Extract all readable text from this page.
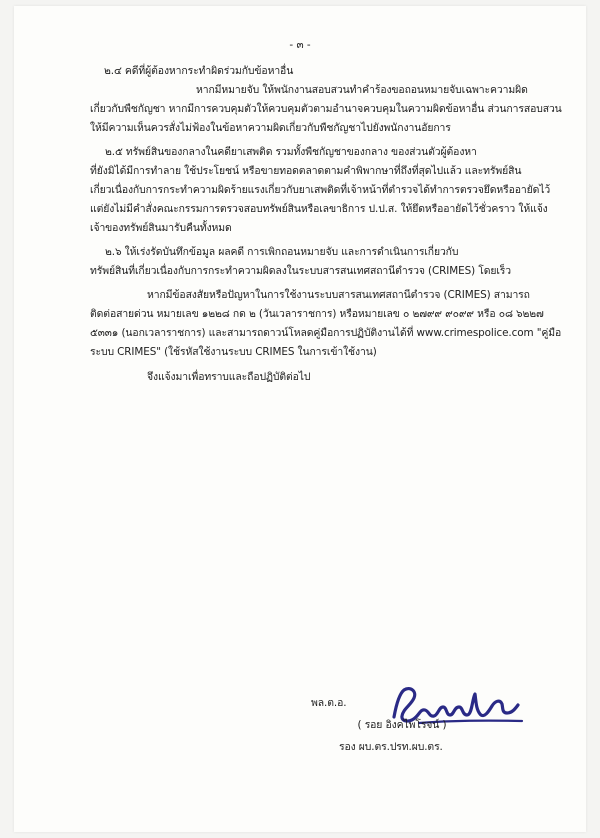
- ๓ -
๒.๔ คดีที่ผู้ต้องหากระทำผิดร่วมกับข้อหาอื่น
หากมีหมายจับ ให้พนักงานสอบสวนทำคำร้องขอถอนหมายจับเฉพาะความผิด
เกี่ยวกับพืชกัญชา หากมีการควบคุมตัวให้ควบคุมตัวตามอำนาจควบคุมในความผิดข้อหาอื่น ส่วนการสอบสวน
ให้มีความเห็นควรสั่งไม่ฟ้องในข้อหาความผิดเกี่ยวกับพืชกัญชาไปยังพนักงานอัยการ
๒.๕ ทรัพย์สินของกลางในคดียาเสพติด รวมทั้งพืชกัญชาของกลาง ของส่วนตัวผู้ต้องหา
ที่ยังมิได้มีการทำลาย ใช้ประโยชน์ หรือขายทอดตลาดตามคำพิพากษาที่ถึงที่สุดไปแล้ว และทรัพย์สิน
เกี่ยวเนื่องกับการกระทำความผิดร้ายแรงเกี่ยวกับยาเสพติดที่เจ้าหน้าที่ตำรวจได้ทำการตรวจยึดหรืออายัดไว้
แต่ยังไม่มีคำสั่งคณะกรรมการตรวจสอบทรัพย์สินหรือเลขาธิการ ป.ป.ส. ให้ยึดหรืออายัดไว้ชั่วคราว ให้แจ้ง
เจ้าของทรัพย์สินมารับคืนทั้งหมด
๒.๖ ให้เร่งรัดบันทึกข้อมูล ผลคดี การเพิกถอนหมายจับ และการดำเนินการเกี่ยวกับ
ทรัพย์สินที่เกี่ยวเนื่องกับการกระทำความผิดลงในระบบสารสนเทศสถานีตำรวจ (CRIMES) โดยเร็ว
หากมีข้อสงสัยหรือปัญหาในการใช้งานระบบสารสนเทศสถานีตำรวจ (CRIMES) สามารถ
ติดต่อสายด่วน หมายเลข ๑๒๒๘ กด ๒ (วันเวลาราชการ) หรือหมายเลข ๐ ๒๗๙๙ ๙๐๙๙ หรือ ๐๘ ๖๒๒๗
๕๓๓๑ (นอกเวลาราชการ) และสามารถดาวน์โหลดคู่มือการปฏิบัติงานได้ที่ www.crimespolice.com "คู่มือ
ระบบ CRIMES" (ใช้รหัสใช้งานระบบ CRIMES ในการเข้าใช้งาน)
จึงแจ้งมาเพื่อทราบและถือปฏิบัติต่อไป
พล.ต.อ.
( รอย อิงคไพโรจน์ )
รอง ผบ.ตร.ปรท.ผบ.ตร.
